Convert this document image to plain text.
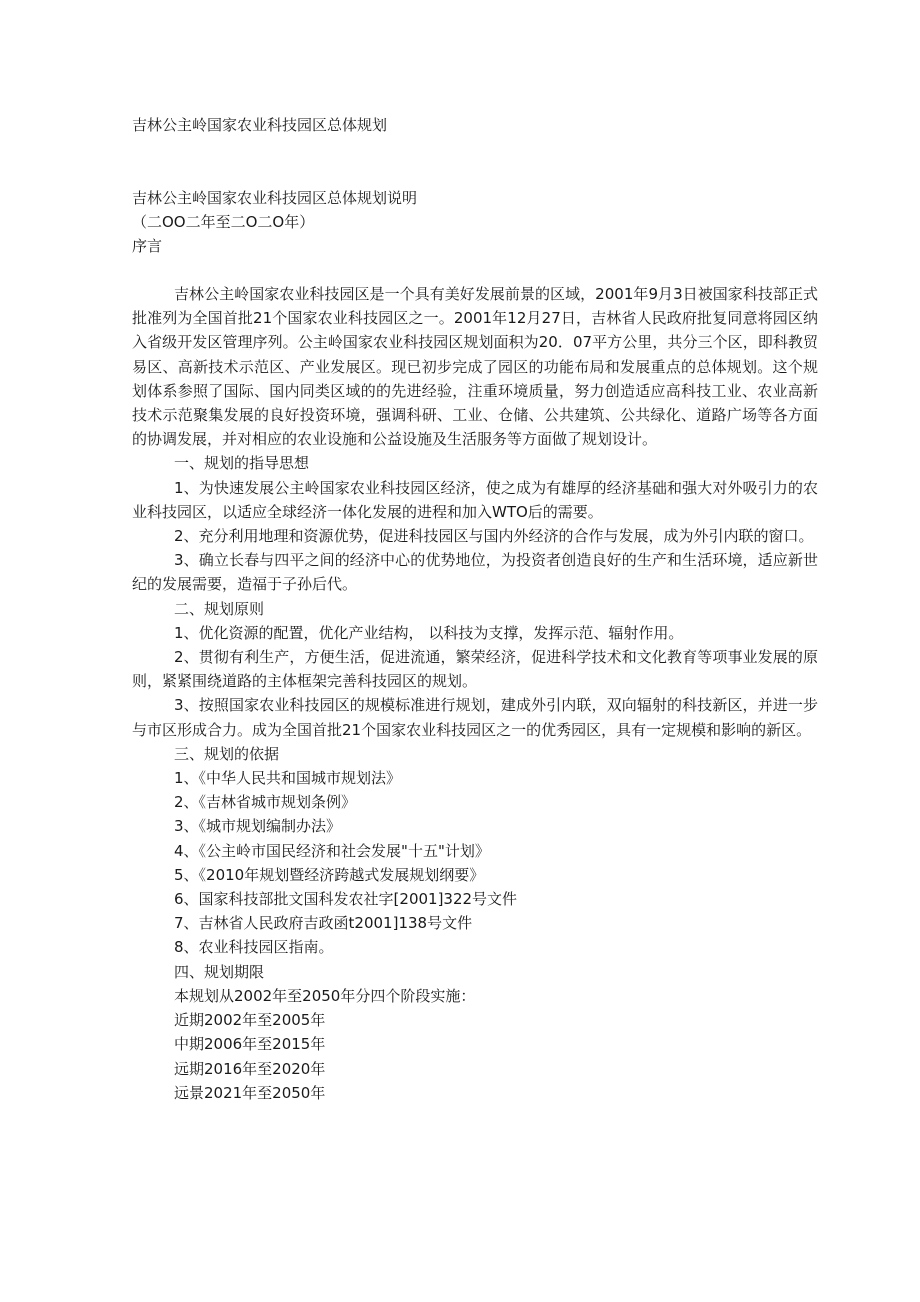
吉林公主岭国家农业科技园区总体规划
吉林公主岭国家农业科技园区总体规划说明
（二OO二年至二O二O年）
序言

吉林公主岭国家农业科技园区是一个具有美好发展前景的区域，2001年9月3日被国家科技部正式批准列为全国首批21个国家农业科技园区之一。2001年12月27日，吉林省人民政府批复同意将园区纳入省级开发区管理序列。公主岭国家农业科技园区规划面积为20．07平方公里，共分三个区，即科教贸易区、高新技术示范区、产业发展区。现已初步完成了园区的功能布局和发展重点的总体规划。这个规划体系参照了国际、国内同类区域的的先进经验，注重环境质量，努力创造适应高科技工业、农业高新技术示范聚集发展的良好投资环境，强调科研、工业、仓储、公共建筑、公共绿化、道路广场等各方面的协调发展，并对相应的农业设施和公益设施及生活服务等方面做了规划设计。

一、规划的指导思想

1、为快速发展公主岭国家农业科技园区经济，使之成为有雄厚的经济基础和强大对外吸引力的农业科技园区，以适应全球经济一体化发展的进程和加入WTO后的需要。

2、充分利用地理和资源优势，促进科技园区与国内外经济的合作与发展，成为外引内联的窗口。

3、确立长春与四平之间的经济中心的优势地位，为投资者创造良好的生产和生活环境，适应新世纪的发展需要，造福于子孙后代。

二、规划原则

1、优化资源的配置，优化产业结构， 以科技为支撑，发挥示范、辐射作用。

2、贯彻有利生产，方便生活，促进流通，繁荣经济，促进科学技术和文化教育等项事业发展的原则，紧紧围绕道路的主体框架完善科技园区的规划。

3、按照国家农业科技园区的规模标准进行规划，建成外引内联，双向辐射的科技新区，并进一步与市区形成合力。成为全国首批21个国家农业科技园区之一的优秀园区，具有一定规模和影响的新区。

三、规划的依据

1、《中华人民共和国城市规划法》

2、《吉林省城市规划条例》

3、《城市规划编制办法》

4、《公主岭市国民经济和社会发展"十五"计划》

5、《2010年规划暨经济跨越式发展规划纲要》

6、国家科技部批文国科发农社字[2001]322号文件

7、吉林省人民政府吉政函t2001]138号文件

8、农业科技园区指南。

四、规划期限

本规划从2002年至2050年分四个阶段实施：

近期2002年至2005年

中期2006年至2015年

远期2016年至2020年

远景2021年至2050年
